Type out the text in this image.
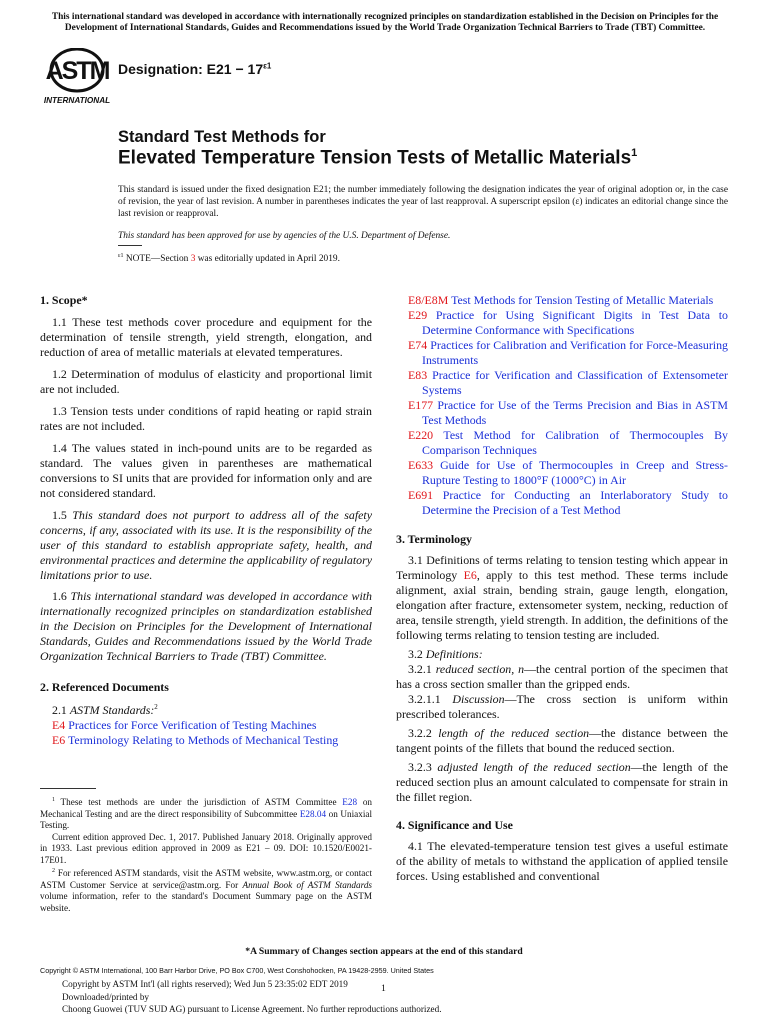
This international standard was developed in accordance with internationally recognized principles on standardization established in the Decision on Principles for the Development of International Standards, Guides and Recommendations issued by the World Trade Organization Technical Barriers to Trade (TBT) Committee.
ASTM
INTERNATIONAL
Designation: $E21 - 17^{\varepsilon 1}$
Standard Test Methods for
Elevated Temperature Tension Tests of Metallic Materials$^1$
This standard is issued under the fixed designation E21; the number immediately following the designation indicates the year of original adoption or, in the case of revision, the year of last revision. A number in parentheses indicates the year of last reapproval. A superscript epsilon (ε) indicates an editorial change since the last revision or reapproval.
This standard has been approved for use by agencies of the U.S. Department of Defense.
$^{\varepsilon 1}$ NOTE—Section 3 was editorially updated in April 2019.

1. Scope*

1.1 These test methods cover procedure and equipment for the determination of tensile strength, yield strength, elongation, and reduction of area of metallic materials at elevated temperatures.

1.2 Determination of modulus of elasticity and proportional limit are not included.

1.3 Tension tests under conditions of rapid heating or rapid strain rates are not included.

1.4 The values stated in inch-pound units are to be regarded as standard. The values given in parentheses are mathematical conversions to SI units that are provided for information only and are not considered standard.

1.5 This standard does not purport to address all of the safety concerns, if any, associated with its use. It is the responsibility of the user of this standard to establish appropriate safety, health, and environmental practices and determine the applicability of regulatory limitations prior to use.

1.6 This international standard was developed in accordance with internationally recognized principles on standardization established in the Decision on Principles for the Development of International Standards, Guides and Recommendations issued by the World Trade Organization Technical Barriers to Trade (TBT) Committee.

2. Referenced Documents

2.1 ASTM Standards:$^2$

E4 Practices for Force Verification of Testing Machines

E6 Terminology Relating to Methods of Mechanical Testing

$^1$ These test methods are under the jurisdiction of ASTM Committee E28 on Mechanical Testing and are the direct responsibility of Subcommittee E28.04 on Uniaxial Testing.

Current edition approved Dec. 1, 2017. Published January 2018. Originally approved in 1933. Last previous edition approved in 2009 as E21 – 09. DOI: 10.1520/E0021-17E01.

$^2$ For referenced ASTM standards, visit the ASTM website, www.astm.org, or contact ASTM Customer Service at service@astm.org. For Annual Book of ASTM Standards volume information, refer to the standard's Document Summary page on the ASTM website.

E8/E8M Test Methods for Tension Testing of Metallic Materials

E29 Practice for Using Significant Digits in Test Data to Determine Conformance with Specifications

E74 Practices for Calibration and Verification for Force-Measuring Instruments

E83 Practice for Verification and Classification of Extensometer Systems

E177 Practice for Use of the Terms Precision and Bias in ASTM Test Methods

E220 Test Method for Calibration of Thermocouples By Comparison Techniques

E633 Guide for Use of Thermocouples in Creep and Stress-Rupture Testing to 1800°F (1000°C) in Air

E691 Practice for Conducting an Interlaboratory Study to Determine the Precision of a Test Method

3. Terminology

3.1 Definitions of terms relating to tension testing which appear in Terminology E6, apply to this test method. These terms include alignment, axial strain, bending strain, gauge length, elongation, elongation after fracture, extensometer system, necking, reduction of area, tensile strength, yield strength. In addition, the definitions of the following terms relating to tension testing are included.

3.2 Definitions:

3.2.1 reduced section, n—the central portion of the specimen that has a cross section smaller than the gripped ends.

3.2.1.1 Discussion—The cross section is uniform within prescribed tolerances.

3.2.2 length of the reduced section—the distance between the tangent points of the fillets that bound the reduced section.

3.2.3 adjusted length of the reduced section—the length of the reduced section plus an amount calculated to compensate for strain in the fillet region.

4. Significance and Use

4.1 The elevated-temperature tension test gives a useful estimate of the ability of metals to withstand the application of applied tensile forces. Using established and conventional

*A Summary of Changes section appears at the end of this standard
Copyright © ASTM International, 100 Barr Harbor Drive, PO Box C700, West Conshohocken, PA 19428-2959. United States
Copyright by ASTM Int'l (all rights reserved); Wed Jun 5 23:35:02 EDT 2019
Downloaded/printed by
Choong Guowei (TUV SUD AG) pursuant to License Agreement. No further reproductions authorized.
1
